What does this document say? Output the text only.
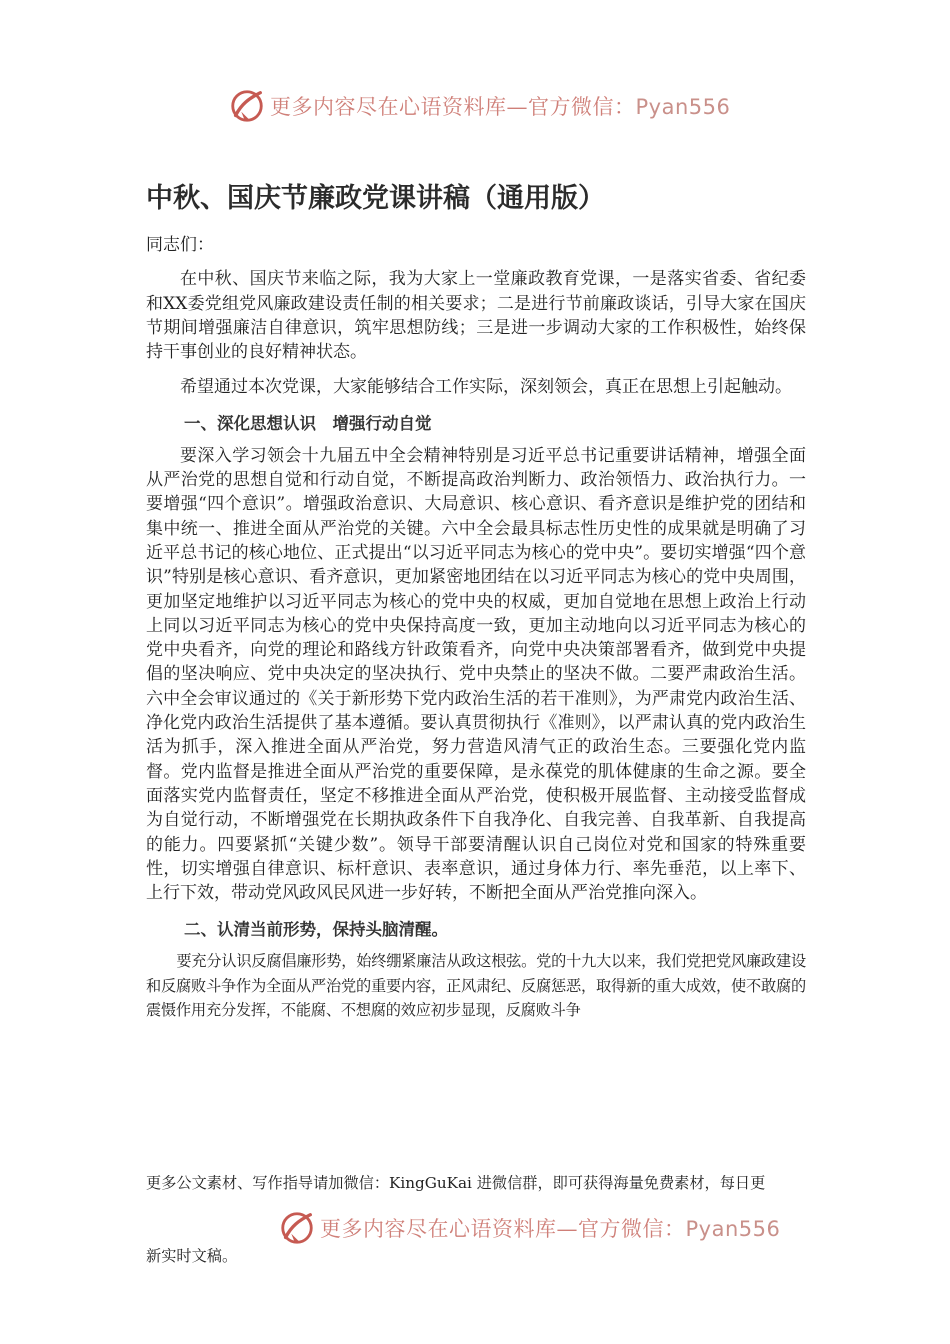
更多内容尽在心语资料库—官方微信：Pyan556
中秋、国庆节廉政党课讲稿（通用版）

同志们：

在中秋、国庆节来临之际，我为大家上一堂廉政教育党课，一是落实省委、省纪委和XX委党组党风廉政建设责任制的相关要求；二是进行节前廉政谈话，引导大家在国庆节期间增强廉洁自律意识，筑牢思想防线；三是进一步调动大家的工作积极性，始终保持干事创业的良好精神状态。

希望通过本次党课，大家能够结合工作实际，深刻领会，真正在思想上引起触动。

一、深化思想认识　增强行动自觉

要深入学习领会十九届五中全会精神特别是习近平总书记重要讲话精神，增强全面从严治党的思想自觉和行动自觉，不断提高政治判断力、政治领悟力、政治执行力。一要增强“四个意识”。增强政治意识、大局意识、核心意识、看齐意识是维护党的团结和集中统一、推进全面从严治党的关键。六中全会最具标志性历史性的成果就是明确了习近平总书记的核心地位、正式提出“以习近平同志为核心的党中央”。要切实增强“四个意识”特别是核心意识、看齐意识，更加紧密地团结在以习近平同志为核心的党中央周围，更加坚定地维护以习近平同志为核心的党中央的权威，更加自觉地在思想上政治上行动上同以习近平同志为核心的党中央保持高度一致，更加主动地向以习近平同志为核心的党中央看齐，向党的理论和路线方针政策看齐，向党中央决策部署看齐，做到党中央提倡的坚决响应、党中央决定的坚决执行、党中央禁止的坚决不做。二要严肃政治生活。六中全会审议通过的《关于新形势下党内政治生活的若干准则》，为严肃党内政治生活、净化党内政治生活提供了基本遵循。要认真贯彻执行《准则》，以严肃认真的党内政治生活为抓手，深入推进全面从严治党，努力营造风清气正的政治生态。三要强化党内监督。党内监督是推进全面从严治党的重要保障，是永葆党的肌体健康的生命之源。要全面落实党内监督责任，坚定不移推进全面从严治党，使积极开展监督、主动接受监督成为自觉行动，不断增强党在长期执政条件下自我净化、自我完善、自我革新、自我提高的能力。四要紧抓“关键少数”。领导干部要清醒认识自己岗位对党和国家的特殊重要性，切实增强自律意识、标杆意识、表率意识，通过身体力行、率先垂范，以上率下、上行下效，带动党风政风民风进一步好转，不断把全面从严治党推向深入。

二、认清当前形势，保持头脑清醒。

要充分认识反腐倡廉形势，始终绷紧廉洁从政这根弦。党的十九大以来，我们党把党风廉政建设和反腐败斗争作为全面从严治党的重要内容，正风肃纪、反腐惩恶，取得新的重大成效，使不敢腐的震慑作用充分发挥，不能腐、不想腐的效应初步显现，反腐败斗争

更多公文素材、写作指导请加微信：KingGuKai 进微信群，即可获得海量免费素材，每日更
更多内容尽在心语资料库—官方微信：Pyan556
新实时文稿。
